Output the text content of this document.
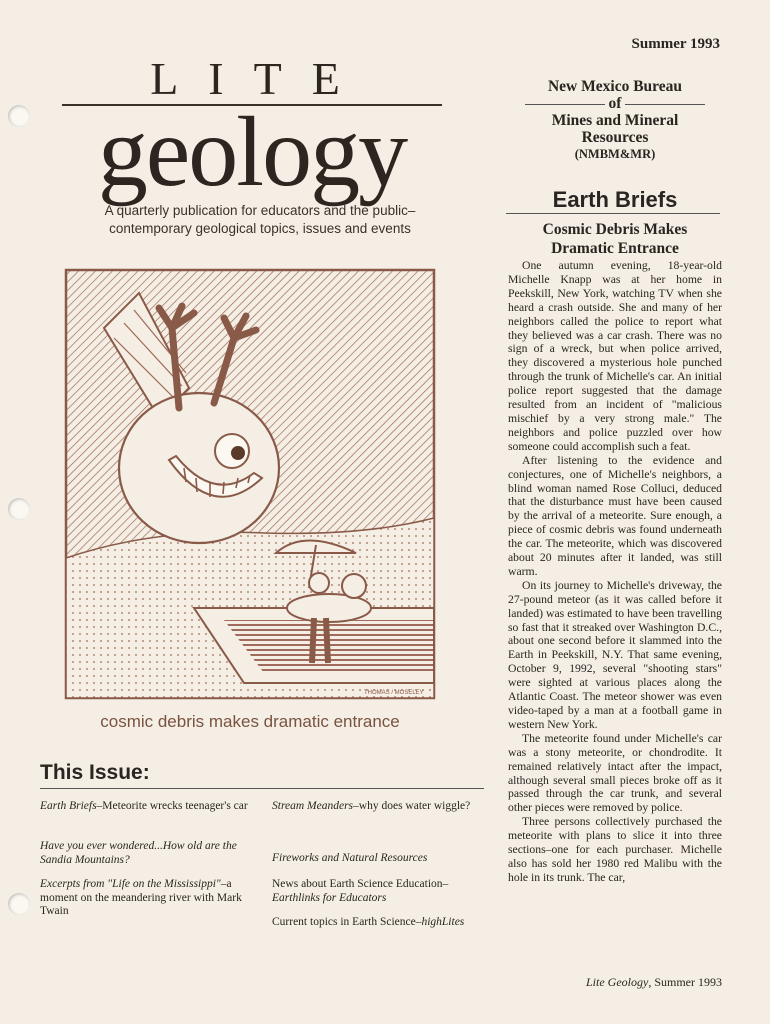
Summer 1993
LITE
geology
A quarterly publication for educators and the public–
contemporary geological topics, issues and events
New Mexico Bureau
of
Mines and Mineral
Resources
(NMBM&MR)
Earth Briefs
Cosmic Debris Makes
Dramatic Entrance

One autumn evening, 18-year-old Michelle Knapp was at her home in Peekskill, New York, watching TV when she heard a crash outside. She and many of her neighbors called the police to report what they believed was a car crash. There was no sign of a wreck, but when police arrived, they discovered a mysterious hole punched through the trunk of Michelle's car. An initial police report suggested that the damage resulted from an incident of "malicious mischief by a very strong male." The neighbors and police puzzled over how someone could accomplish such a feat.

After listening to the evidence and conjectures, one of Michelle's neighbors, a blind woman named Rose Colluci, deduced that the disturbance must have been caused by the arrival of a meteorite. Sure enough, a piece of cosmic debris was found underneath the car. The meteorite, which was discovered about 20 minutes after it landed, was still warm.

On its journey to Michelle's driveway, the 27-pound meteor (as it was called before it landed) was estimated to have been travelling so fast that it streaked over Washington D.C., about one second before it slammed into the Earth in Peekskill, N.Y. That same evening, October 9, 1992, several "shooting stars" were sighted at various places along the Atlantic Coast. The meteor shower was even video-taped by a man at a football game in western New York.

The meteorite found under Michelle's car was a stony meteorite, or chondrodite. It remained relatively intact after the impact, although several small pieces broke off as it passed through the car trunk, and several other pieces were removed by police.

Three persons collectively purchased the meteorite with plans to slice it into three sections–one for each purchaser. Michelle also has sold her 1980 red Malibu with the hole in its trunk. The car,

THOMAS / MOSELEY
cosmic debris makes dramatic entrance
This Issue:
Earth Briefs–Meteorite wrecks teenager's car
Have you ever wondered...How old are the Sandia Mountains?
Excerpts from "Life on the Mississippi"–a moment on the meandering river with Mark Twain
Stream Meanders–why does water wiggle?
Fireworks and Natural Resources
News about Earth Science Education–Earthlinks for Educators
Current topics in Earth Science–highLites
Lite Geology, Summer 1993
